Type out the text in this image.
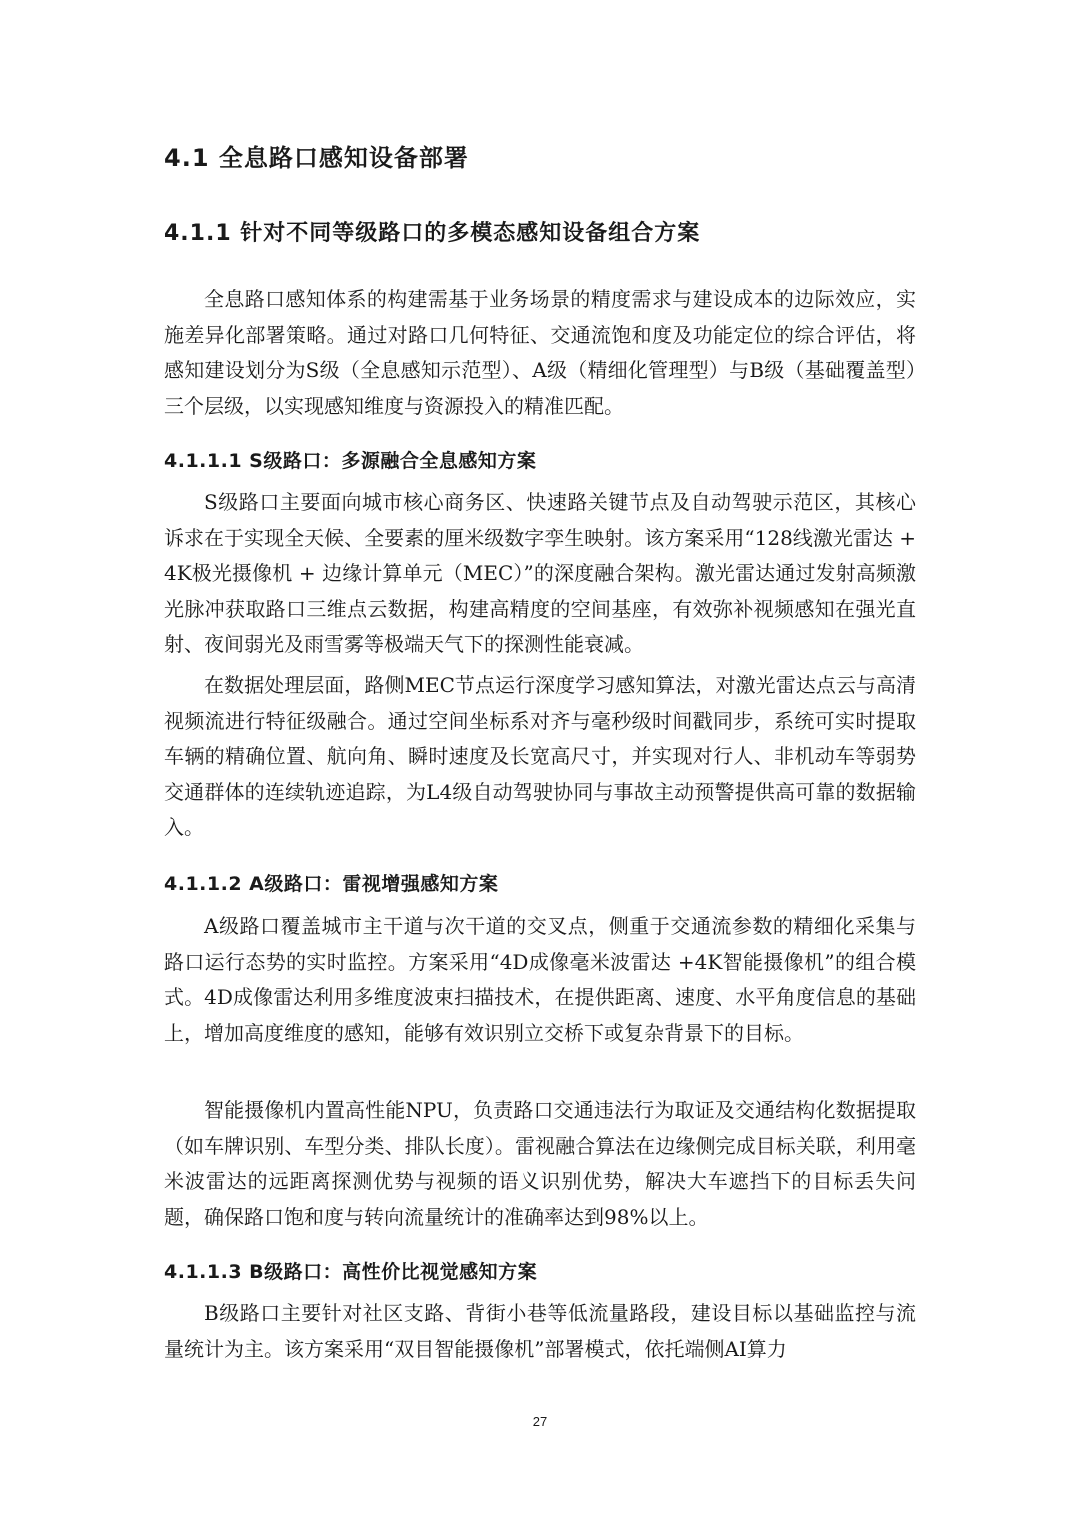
4.1 全息路口感知设备部署
4.1.1 针对不同等级路口的多模态感知设备组合方案

全息路口感知体系的构建需基于业务场景的精度需求与建设成本的边际效应，实施差异化部署策略。通过对路口几何特征、交通流饱和度及功能定位的综合评估，将感知建设划分为S级（全息感知示范型）、A级（精细化管理型）与B级（基础覆盖型）三个层级，以实现感知维度与资源投入的精准匹配。

4.1.1.1 S级路口：多源融合全息感知方案

S级路口主要面向城市核心商务区、快速路关键节点及自动驾驶示范区，其核心诉求在于实现全天候、全要素的厘米级数字孪生映射。该方案采用“128线激光雷达 + 4K极光摄像机 + 边缘计算单元（MEC）”的深度融合架构。激光雷达通过发射高频激光脉冲获取路口三维点云数据，构建高精度的空间基座，有效弥补视频感知在强光直射、夜间弱光及雨雪雾等极端天气下的探测性能衰减。

在数据处理层面，路侧MEC节点运行深度学习感知算法，对激光雷达点云与高清视频流进行特征级融合。通过空间坐标系对齐与毫秒级时间戳同步，系统可实时提取车辆的精确位置、航向角、瞬时速度及长宽高尺寸，并实现对行人、非机动车等弱势交通群体的连续轨迹追踪，为L4级自动驾驶协同与事故主动预警提供高可靠的数据输入。

4.1.1.2 A级路口：雷视增强感知方案

A级路口覆盖城市主干道与次干道的交叉点，侧重于交通流参数的精细化采集与路口运行态势的实时监控。方案采用“4D成像毫米波雷达 +4K智能摄像机”的组合模式。4D成像雷达利用多维度波束扫描技术，在提供距离、速度、水平角度信息的基础上，增加高度维度的感知，能够有效识别立交桥下或复杂背景下的目标。

智能摄像机内置高性能NPU，负责路口交通违法行为取证及交通结构化数据提取（如车牌识别、车型分类、排队长度）。雷视融合算法在边缘侧完成目标关联，利用毫米波雷达的远距离探测优势与视频的语义识别优势，解决大车遮挡下的目标丢失问题，确保路口饱和度与转向流量统计的准确率达到98%以上。

4.1.1.3 B级路口：高性价比视觉感知方案

B级路口主要针对社区支路、背街小巷等低流量路段，建设目标以基础监控与流量统计为主。该方案采用“双目智能摄像机”部署模式，依托端侧AI算力

27
